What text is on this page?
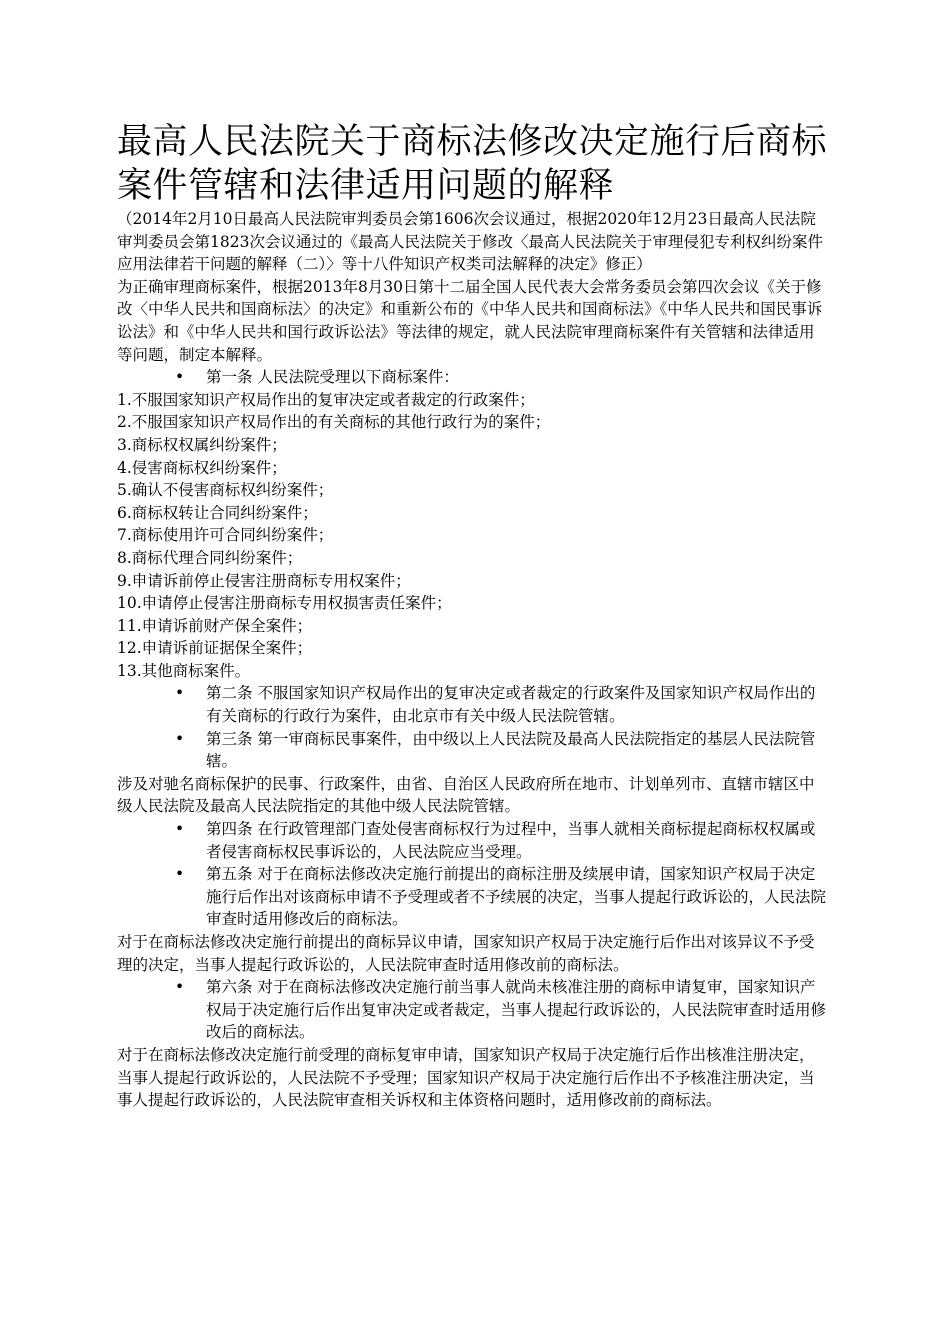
最高人民法院关于商标法修改决定施行后商标案件管辖和法律适用问题的解释

（2014年2月10日最高人民法院审判委员会第1606次会议通过，根据2020年12月23日最高人民法院审判委员会第1823次会议通过的《最高人民法院关于修改〈最高人民法院关于审理侵犯专利权纠纷案件应用法律若干问题的解释（二）〉等十八件知识产权类司法解释的决定》修正）

为正确审理商标案件，根据2013年8月30日第十二届全国人民代表大会常务委员会第四次会议《关于修改〈中华人民共和国商标法〉的决定》和重新公布的《中华人民共和国商标法》《中华人民共和国民事诉讼法》和《中华人民共和国行政诉讼法》等法律的规定，就人民法院审理商标案件有关管辖和法律适用等问题，制定本解释。

• 第一条 人民法院受理以下商标案件：

1.不服国家知识产权局作出的复审决定或者裁定的行政案件；

2.不服国家知识产权局作出的有关商标的其他行政行为的案件；

3.商标权权属纠纷案件；

4.侵害商标权纠纷案件；

5.确认不侵害商标权纠纷案件；

6.商标权转让合同纠纷案件；

7.商标使用许可合同纠纷案件；

8.商标代理合同纠纷案件；

9.申请诉前停止侵害注册商标专用权案件；

10.申请停止侵害注册商标专用权损害责任案件；

11.申请诉前财产保全案件；

12.申请诉前证据保全案件；

13.其他商标案件。

• 第二条 不服国家知识产权局作出的复审决定或者裁定的行政案件及国家知识产权局作出的有关商标的行政行为案件，由北京市有关中级人民法院管辖。
• 第三条 第一审商标民事案件，由中级以上人民法院及最高人民法院指定的基层人民法院管辖。

涉及对驰名商标保护的民事、行政案件，由省、自治区人民政府所在地市、计划单列市、直辖市辖区中级人民法院及最高人民法院指定的其他中级人民法院管辖。

• 第四条 在行政管理部门查处侵害商标权行为过程中，当事人就相关商标提起商标权权属或者侵害商标权民事诉讼的，人民法院应当受理。
• 第五条 对于在商标法修改决定施行前提出的商标注册及续展申请，国家知识产权局于决定施行后作出对该商标申请不予受理或者不予续展的决定，当事人提起行政诉讼的，人民法院审查时适用修改后的商标法。

对于在商标法修改决定施行前提出的商标异议申请，国家知识产权局于决定施行后作出对该异议不予受理的决定，当事人提起行政诉讼的，人民法院审查时适用修改前的商标法。

• 第六条 对于在商标法修改决定施行前当事人就尚未核准注册的商标申请复审，国家知识产权局于决定施行后作出复审决定或者裁定，当事人提起行政诉讼的，人民法院审查时适用修改后的商标法。

对于在商标法修改决定施行前受理的商标复审申请，国家知识产权局于决定施行后作出核准注册决定，当事人提起行政诉讼的，人民法院不予受理；国家知识产权局于决定施行后作出不予核准注册决定，当事人提起行政诉讼的，人民法院审查相关诉权和主体资格问题时，适用修改前的商标法。
